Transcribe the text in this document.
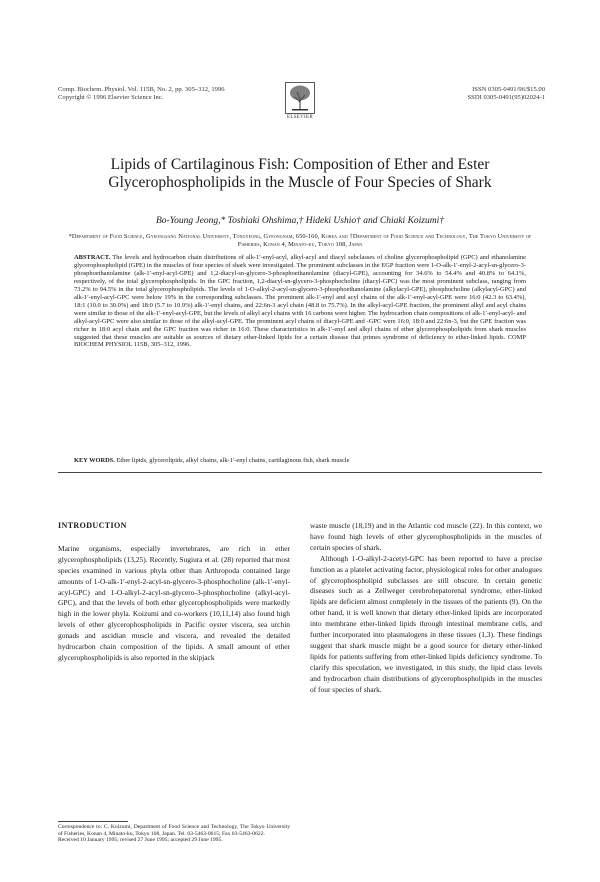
Comp. Biochem. Physiol. Vol. 115B, No. 2, pp. 305–312, 1996
Copyright © 1996 Elsevier Science Inc.
ELSEVIER
ISSN 0305-0491/96/$15.00
SSDI 0305-0491(95)02024-1
Lipids of Cartilaginous Fish: Composition of Ether and Ester Glycerophospholipids in the Muscle of Four Species of Shark
Bo-Young Jeong,* Toshiaki Ohshima,† Hideki Ushio† and Chiaki Koizumi†
*Department of Food Science, Gyeongsang National University, Tongyeong, Gyeongnam, 650-160, Korea and †Department of Food Science and Technology, The Tokyo University of Fisheries, Konan 4, Minato-ku, Tokyo 108, Japan
ABSTRACT. The levels and hydrocarbon chain distributions of alk-1′-enyl-acyl, alkyl-acyl and diacyl subclasses of choline glycerophospholipid (GPC) and ethanolamine glycerophospholipid (GPE) in the muscles of four species of shark were investigated. The prominent subclasses in the EGP fraction were 1-O-alk-1′-enyl-2-acyl-sn-glycero-3-phosphoethanolamine (alk-1′-enyl-acyl-GPE) and 1,2-diacyl-sn-glycero-3-phosphoethanolamine (diacyl-GPE), accounting for 34.6% to 54.4% and 40.8% to 64.1%, respectively, of the total glycerophospholipids. In the GPC fraction, 1,2-diacyl-sn-glycero-3-phosphocholine (diacyl-GPC) was the most prominent subclass, ranging from 73.2% to 94.5% in the total glycerophospholipids. The levels of 1-O-alkyl-2-acyl-sn-glycero-3-phosphoethanolamine (alkylacyl-GPE), phosphocholine (alkylacyl-GPC) and alk-1′-enyl-acyl-GPC were below 19% in the corresponding subclasses. The prominent alk-1′-enyl and acyl chains of the alk-1′-enyl-acyl-GPE were 16:0 (42.3 to 63.4%), 18:1 (10.0 to 30.0%) and 18:0 (5.7 to 10.9%) alk-1′-enyl chains, and 22:6n-3 acyl chain (48.8 to 75.7%). In the alkyl-acyl-GPE fraction, the prominent alkyl and acyl chains were similar to those of the alk-1′-enyl-acyl-GPE, but the levels of alkyl acyl chains with 16 carbons were higher. The hydrocarbon chain compositions of alk-1′-enyl-acyl- and alkyl-acyl-GPC were also similar to those of the alkyl-acyl-GPE. The prominent acyl chains of diacyl-GPE and -GPC were 16:0, 18:0 and 22:6n-3, but the GPE fraction was richer in 18:0 acyl chain and the GPC fraction was richer in 16:0. These characteristics in alk-1′-enyl and alkyl chains of ether glycerophospholipids from shark muscles suggested that these muscles are suitable as sources of dietary ether-linked lipids for a certain disease that primes syndrome of deficiency to ether-linked lipids. COMP BIOCHEM PHYSIOL 115B, 305–312, 1996.
KEY WORDS. Ether lipids, glycerolipids, alkyl chains, alk-1′-enyl chains, cartilaginous fish, shark muscle
INTRODUCTION
Marine organisms, especially invertebrates, are rich in ether glycerophospholipids (13,25). Recently, Sugiura et al. (28) reported that most species examined in various phyla other than Arthropoda contained large amounts of 1-O-alk-1′-enyl-2-acyl-sn-glycero-3-phosphocholine (alk-1′-enyl-acyl-GPC) and 1-O-alkyl-2-acyl-sn-glycero-3-phosphocholine (alkyl-acyl-GPC), and that the levels of both ether glycerophospholipids were markedly high in the lower phyla. Koizumi and co-workers (10,11,14) also found high levels of ether glycerophospholipids in Pacific oyster viscera, sea urchin gonads and ascidian muscle and viscera, and revealed the detailed hydrocarbon chain composition of the lipids. A small amount of ether glycerophospholipids is also reported in the skipjack

Correspondence to: C. Koizumi, Department of Food Science and Technology, The Tokyo University of Fisheries, Konan 4, Minato-ku, Tokyo 108, Japan. Tel. 03-5463-0615; Fax 03-5463-0622.

Received 10 January 1995; revised 27 June 1995; accepted 29 June 1995.

waste muscle (18,19) and in the Atlantic cod muscle (22). In this context, we have found high levels of ether glycerophospholipids in the muscles of certain species of shark.

Although 1-O-alkyl-2-acetyl-GPC has been reported to have a precise function as a platelet activating factor, physiological roles for other analogues of glycerophospholipid subclasses are still obscure. In certain genetic diseases such as a Zellweger cerebrohepatorenal syndrome, ether-linked lipids are deficient almost completely in the tissues of the patients (9). On the other hand, it is well known that dietary ether-linked lipids are incorporated into membrane ether-linked lipids through intestinal membrane cells, and further incorporated into plasmalogens in these tissues (1,3). These findings suggest that shark muscle might be a good source for dietary ether-linked lipids for patients suffering from ether-linked lipids deficiency syndrome. To clarify this speculation, we investigated, in this study, the lipid class levels and hydrocarbon chain distributions of glycerophospholipids in the muscles of four species of shark.
